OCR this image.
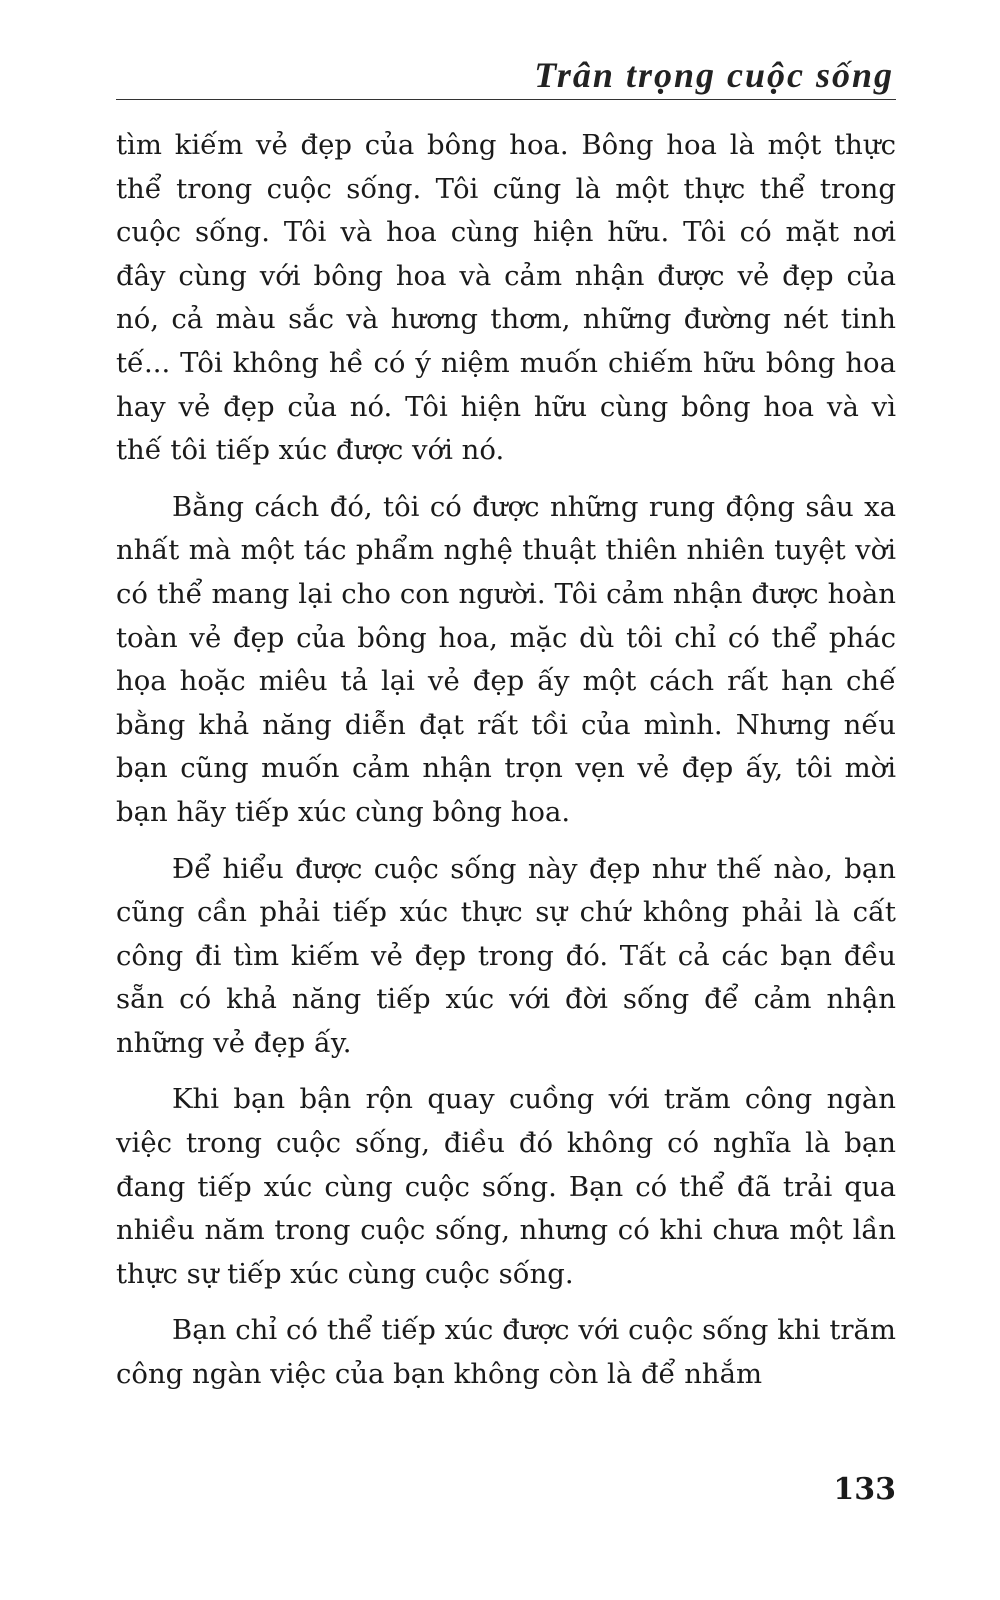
Trân trọng cuộc sống

tìm kiếm vẻ đẹp của bông hoa. Bông hoa là một thực thể trong cuộc sống. Tôi cũng là một thực thể trong cuộc sống. Tôi và hoa cùng hiện hữu. Tôi có mặt nơi đây cùng với bông hoa và cảm nhận được vẻ đẹp của nó, cả màu sắc và hương thơm, những đường nét tinh tế... Tôi không hề có ý niệm muốn chiếm hữu bông hoa hay vẻ đẹp của nó. Tôi hiện hữu cùng bông hoa và vì thế tôi tiếp xúc được với nó.

Bằng cách đó, tôi có được những rung động sâu xa nhất mà một tác phẩm nghệ thuật thiên nhiên tuyệt vời có thể mang lại cho con người. Tôi cảm nhận được hoàn toàn vẻ đẹp của bông hoa, mặc dù tôi chỉ có thể phác họa hoặc miêu tả lại vẻ đẹp ấy một cách rất hạn chế bằng khả năng diễn đạt rất tồi của mình. Nhưng nếu bạn cũng muốn cảm nhận trọn vẹn vẻ đẹp ấy, tôi mời bạn hãy tiếp xúc cùng bông hoa.

Để hiểu được cuộc sống này đẹp như thế nào, bạn cũng cần phải tiếp xúc thực sự chứ không phải là cất công đi tìm kiếm vẻ đẹp trong đó. Tất cả các bạn đều sẵn có khả năng tiếp xúc với đời sống để cảm nhận những vẻ đẹp ấy.

Khi bạn bận rộn quay cuồng với trăm công ngàn việc trong cuộc sống, điều đó không có nghĩa là bạn đang tiếp xúc cùng cuộc sống. Bạn có thể đã trải qua nhiều năm trong cuộc sống, nhưng có khi chưa một lần thực sự tiếp xúc cùng cuộc sống.

Bạn chỉ có thể tiếp xúc được với cuộc sống khi trăm công ngàn việc của bạn không còn là để nhắm

133
